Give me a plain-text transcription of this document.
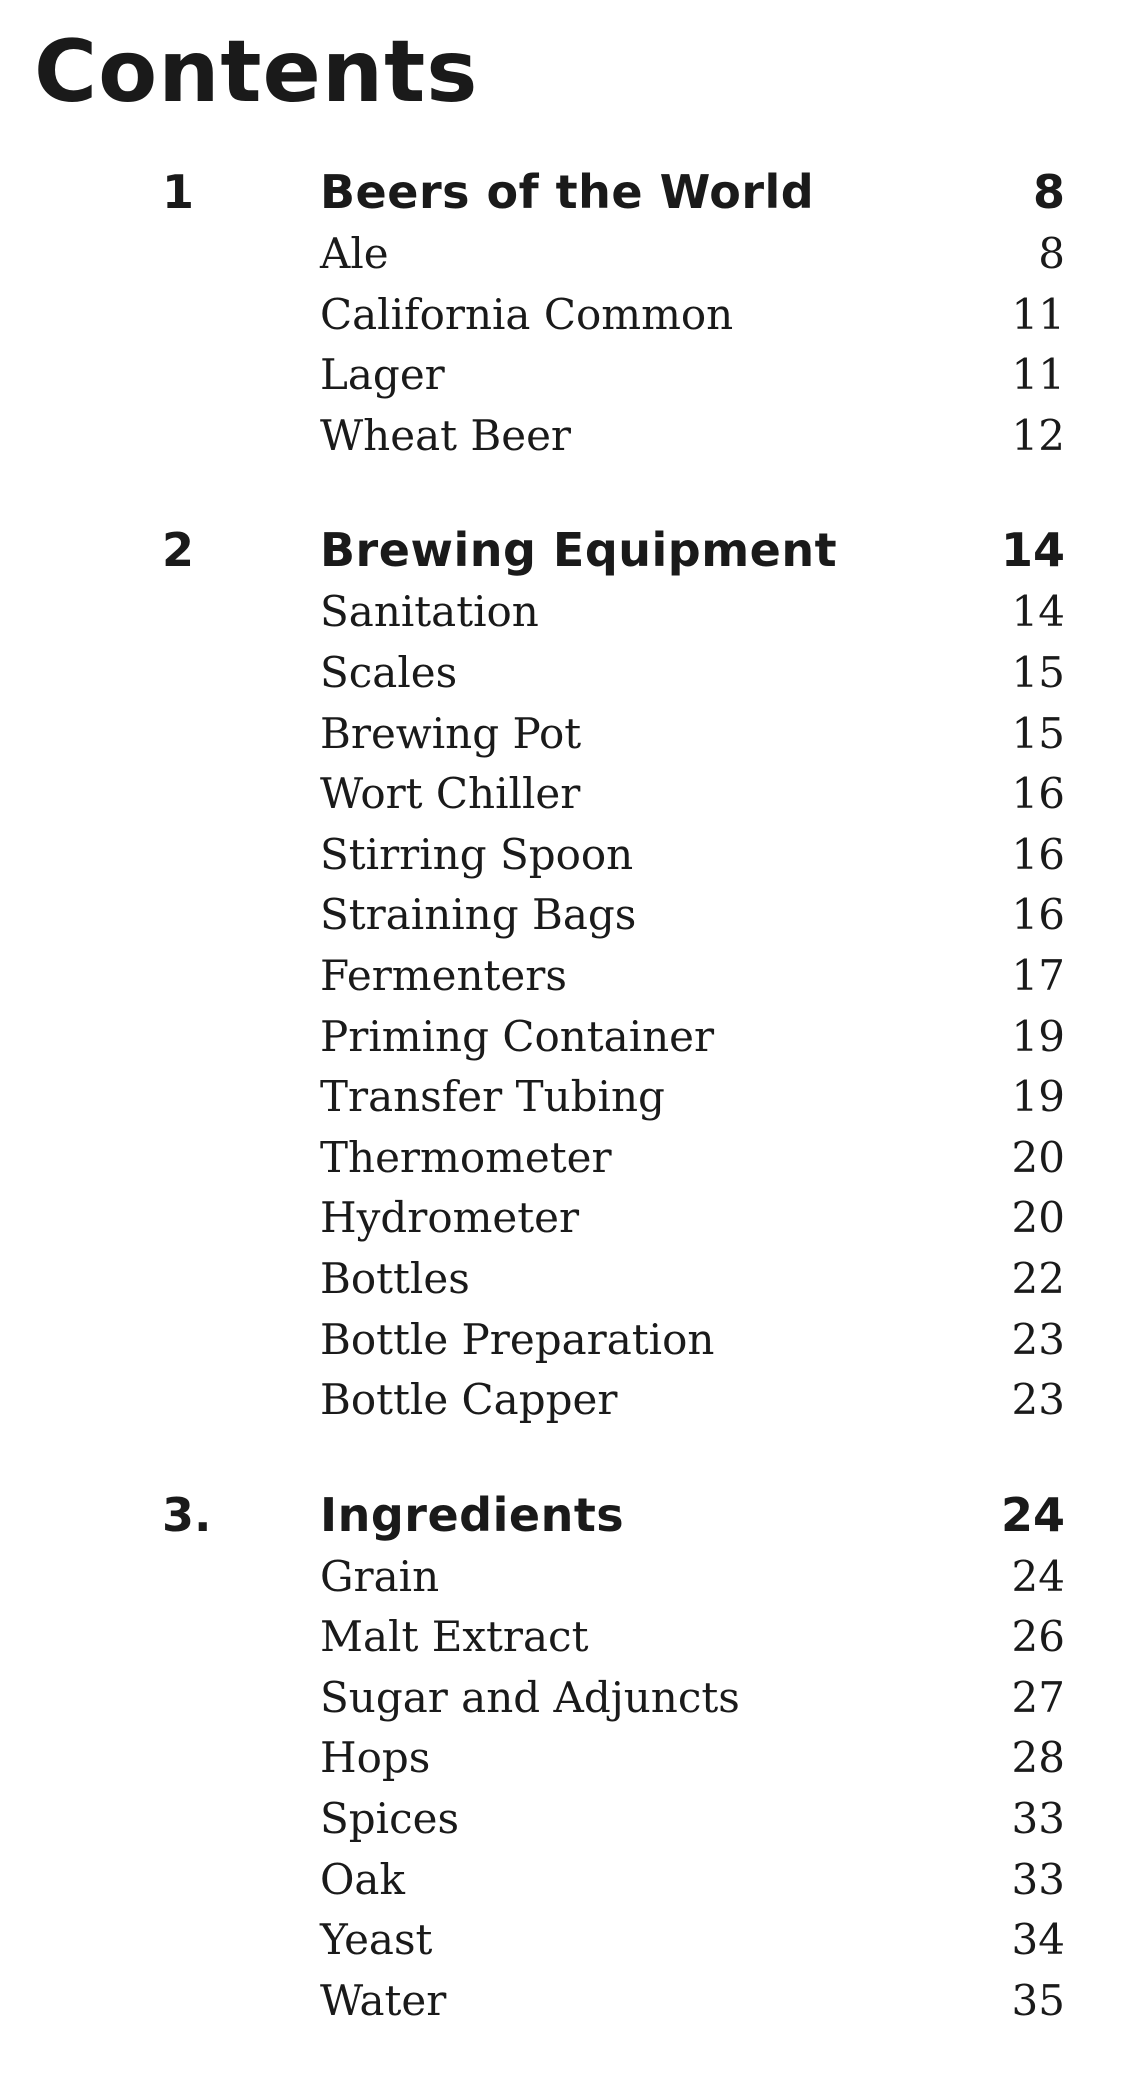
Contents
1	Beers of the World	8
Ale	8
California Common	11
Lager	11
Wheat Beer	12
2	Brewing Equipment	14
Sanitation	14
Scales	15
Brewing Pot	15
Wort Chiller	16
Stirring Spoon	16
Straining Bags	16
Fermenters	17
Priming Container	19
Transfer Tubing	19
Thermometer	20
Hydrometer	20
Bottles	22
Bottle Preparation	23
Bottle Capper	23
3. Ingredients	24
Grain	24
Malt Extract	26
Sugar and Adjuncts	27
Hops	28
Spices	33
Oak	33
Yeast	34
Water	35
